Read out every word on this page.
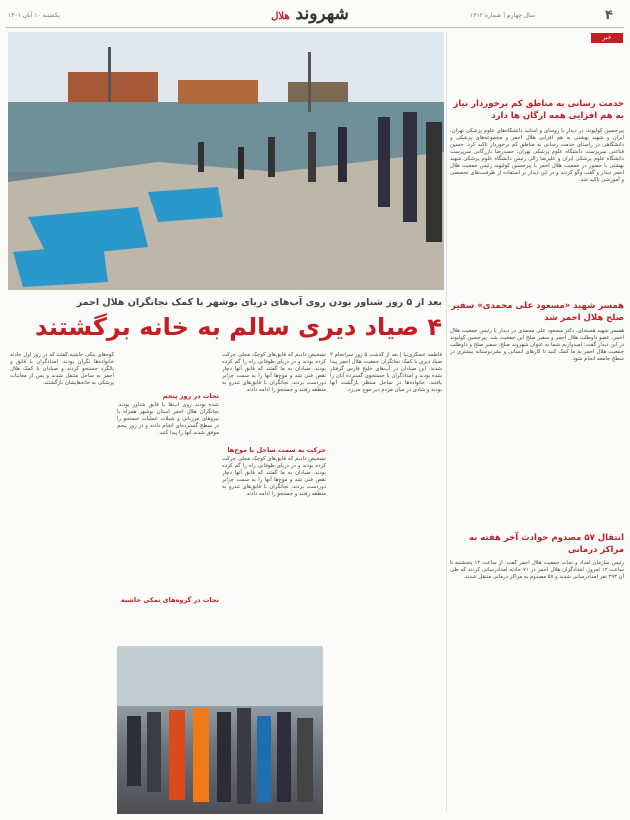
۴
شهروند هلال
یکشنبه ۱۰ آبان ۱۴۰۱	سال چهارم | شماره ۱۳۱۲
خبر
خدمت رسانی به مناطق کم برخوردار نیاز به هم افزایی همه ارگان ها دارد
پیرحسین کولیوند، در دیدار با روسای و اساتید دانشگاه‌های علوم پزشکی تهران، ایران و شهید بهشتی به هم افزایی هلال احمر و مجموعه‌های پزشکی و دانشگاهی در راستای خدمت رسانی به مناطق کم برخوردار تاکید کرد. حسین قناعتی سرپرست دانشگاه علوم پزشکی تهران، حمیدرضا بازرگانی سرپرست دانشگاه علوم پزشکی ایران و علیرضا زالی رئیس دانشگاه علوم پزشکی شهید بهشتی با حضور در جمعیت هلال احمر با پیرحسین کولیوند رئیس جمعیت هلال احمر دیدار و گفت وگو کردند و در این دیدار بر استفاده از ظرفیت‌های تخصصی و آموزشی تاکید شد.
همسر شهید «مسعود علی محمدی» سفیر صلح هلال احمر شد
همسر شهید هسته‌ای، دکتر مسعود علی محمدی در دیدار با رئیس جمعیت هلال احمر، عضو داوطلب هلال احمر و سفیر صلح این جمعیت شد. پیرحسین کولیوند در این دیدار گفت: امیدواریم شما به عنوان شهروند صلح، سفیر صلح و داوطلب جمعیت هلال احمر به ما کمک کنید تا کارهای انسانی و بشردوستانه بیشتری در سطح جامعه انجام شود.
انتقال ۵۷ مصدوم حوادث آخر هفته به مراکز درمانی
رئیس سازمان امداد و نجات جمعیت هلال احمر گفت: از ساعت ۱۲ پنجشنبه تا ساعت ۱۲ امروز، امدادگران هلال احمر در ۷۱ حادثه امدادرسانی کردند که طی آن ۲۹۳ نفر امدادرسانی شدند و ۵۷ مصدوم به مراکز درمانی منتقل شدند.
بعد از ۵ روز شناور بودن روی آب‌های دریای بوشهر با کمک نجاتگران هلال احمر
۴ صیاد دیری سالم به خانه برگشتند
فاطمه عسگری‌نیا | بعد از گذشت ۵ روز سرانجام ۴ صیاد دیری با کمک نجاتگران جمعیت هلال احمر پیدا شدند. این صیادان در آب‌های خلیج فارس گرفتار شده بودند و امدادگران با جستجوی گسترده آنان را یافتند. خانواده‌ها در ساحل منتظر بازگشت آنها بودند و شادی در میان مردم دیر موج می‌زد.
تشخیص دادیم که قایق‌های کوچک محلی حرکت کرده بودند و در دریای طوفانی راه را گم کرده بودند. صیادان به ما گفتند که قایق آنها دچار نقص فنی شد و موج‌ها آنها را به سمت جزایر دوردست بردند. نجاتگران با قایق‌های تندرو به منطقه رفتند و جستجو را ادامه دادند.
حرکت به سمت ساحل با موج‌ها
تشخیص دادیم که قایق‌های کوچک محلی حرکت کرده بودند و در دریای طوفانی راه را گم کرده بودند. صیادان به ما گفتند که قایق آنها دچار نقص فنی شد و موج‌ها آنها را به سمت جزایر دوردست بردند. نجاتگران با قایق‌های تندرو به منطقه رفتند و جستجو را ادامه دادند.
نجات در روز پنجم
شده بودند روی آب‌ها با قایق شناور بودند. نجاتگران هلال احمر استان بوشهر همراه با نیروهای مرزبانی و شیلات عملیات جستجو را در سطح گسترده‌ای انجام دادند و در روز پنجم موفق شدند آنها را پیدا کنند.
نجات در گروه‌های نمکی حاشیه
کوه‌های بنکی حاشیه گفتند که در روز اول حادثه خانواده‌ها نگران بودند. امدادگران با قایق و بالگرد جستجو کردند و صیادان با کمک هلال احمر به ساحل منتقل شدند و پس از معاینات پزشکی به خانه‌هایشان بازگشتند.
